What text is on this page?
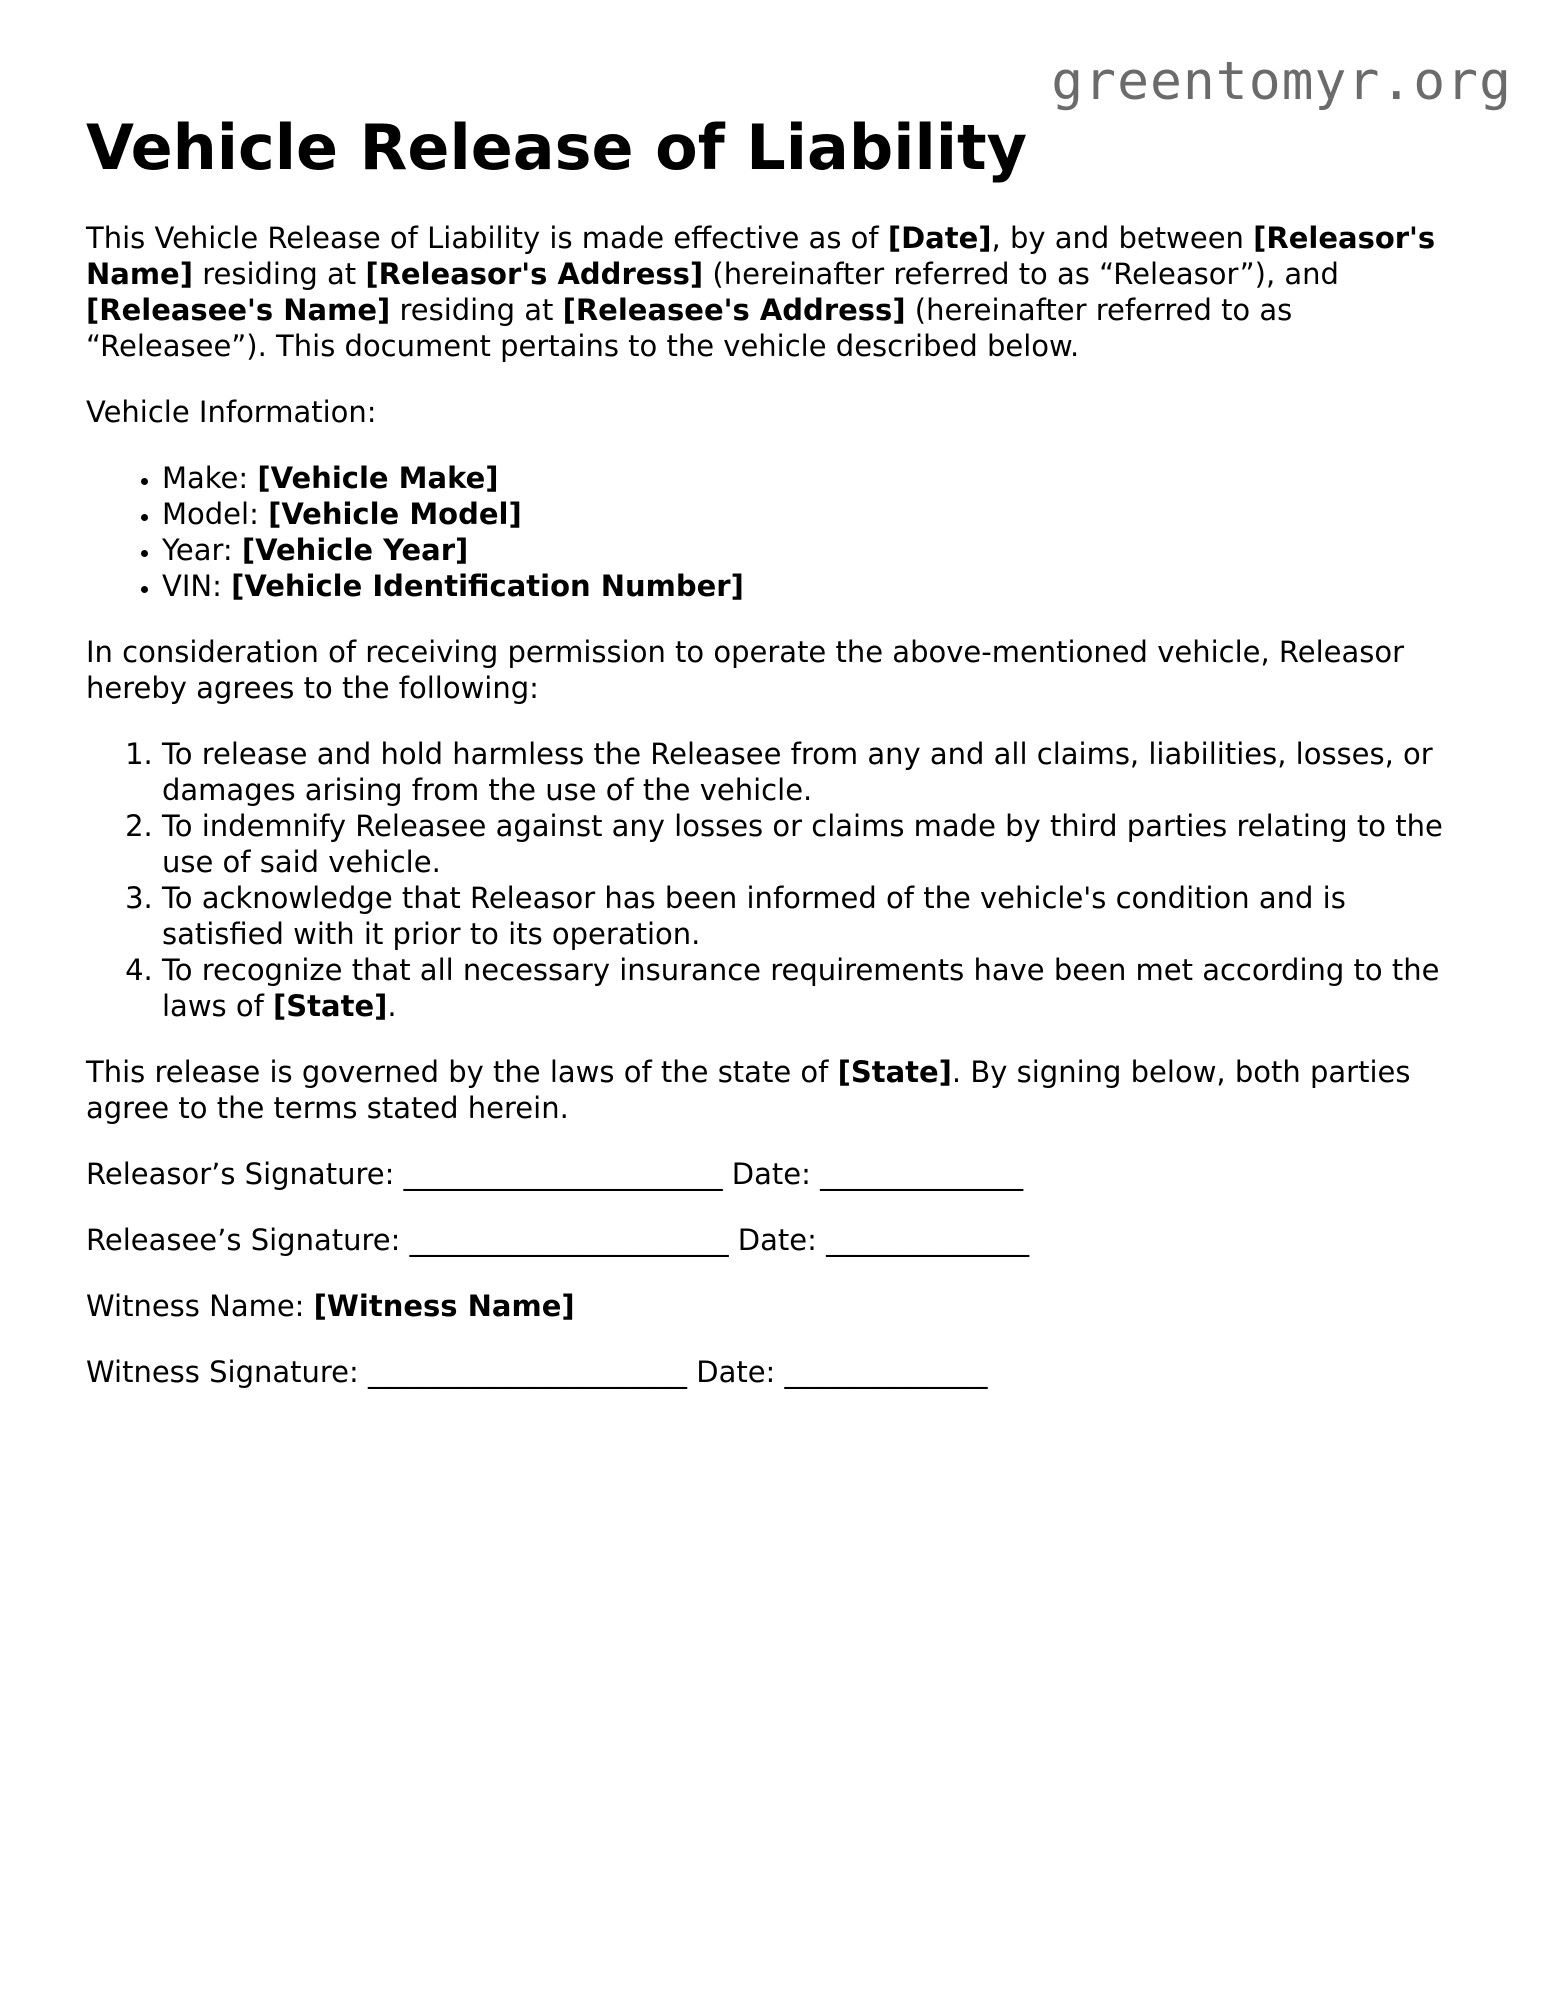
greentomyr.org
Vehicle Release of Liability

This Vehicle Release of Liability is made effective as of [Date], by and between [Releasor's Name] residing at [Releasor's Address] (hereinafter referred to as “Releasor”), and [Releasee's Name] residing at [Releasee's Address] (hereinafter referred to as “Releasee”). This document pertains to the vehicle described below.

Vehicle Information:

• Make: [Vehicle Make]
• Model: [Vehicle Model]
• Year: [Vehicle Year]
• VIN: [Vehicle Identification Number]

In consideration of receiving permission to operate the above-mentioned vehicle, Releasor hereby agrees to the following:

1. To release and hold harmless the Releasee from any and all claims, liabilities, losses, or damages arising from the use of the vehicle.
2. To indemnify Releasee against any losses or claims made by third parties relating to the use of said vehicle.
3. To acknowledge that Releasor has been informed of the vehicle's condition and is satisfied with it prior to its operation.
4. To recognize that all necessary insurance requirements have been met according to the laws of [State].

This release is governed by the laws of the state of [State]. By signing below, both parties agree to the terms stated herein.

Releasor’s Signature: ______________________ Date: ______________

Releasee’s Signature: ______________________ Date: ______________

Witness Name: [Witness Name]

Witness Signature: ______________________ Date: ______________
